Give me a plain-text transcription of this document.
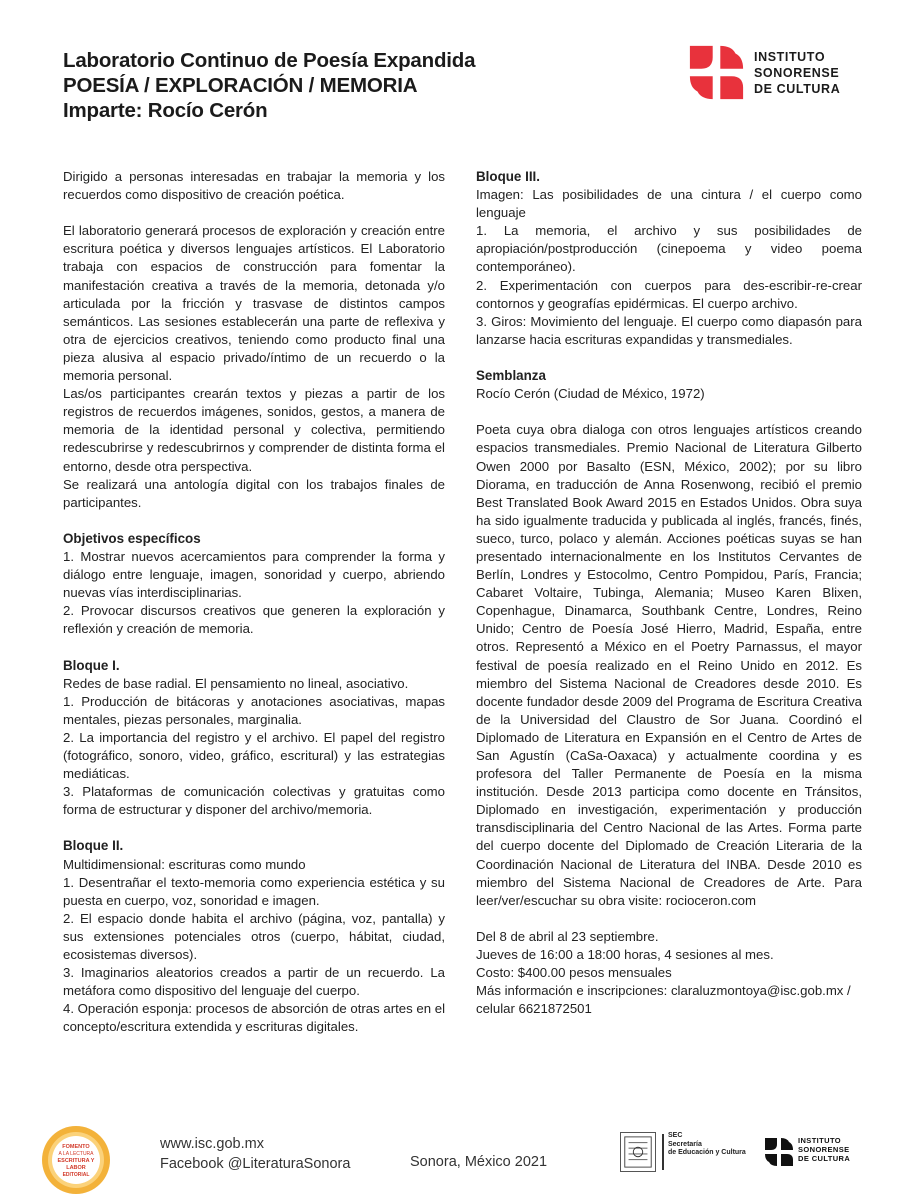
Laboratorio Continuo de Poesía Expandida
POESÍA / EXPLORACIÓN / MEMORIA
Imparte: Rocío Cerón
INSTITUTO
SONORENSE
DE CULTURA

Dirigido a personas interesadas en trabajar la memoria y los recuerdos como dispositivo de creación poética.

El laboratorio generará procesos de exploración y creación entre escritura poética y diversos lenguajes artísticos. El Laboratorio trabaja con espacios de construcción para fomentar la manifestación creativa a través de la memoria, detonada y/o articulada por la fricción y trasvase de distintos campos semánticos. Las sesiones establecerán una parte de reflexiva y otra de ejercicios creativos, teniendo como producto final una pieza alusiva al espacio privado/íntimo de un recuerdo o la memoria personal.
Las/os participantes crearán textos y piezas a partir de los registros de recuerdos imágenes, sonidos, gestos, a manera de memoria de la identidad personal y colectiva, permitiendo redescubrirse y redescubrirnos y comprender de distinta forma el entorno, desde otra perspectiva.

Se realizará una antología digital con los trabajos finales de participantes.

Objetivos específicos
1. Mostrar nuevos acercamientos para comprender la forma y diálogo entre lenguaje, imagen, sonoridad y cuerpo, abriendo nuevas vías interdisciplinarias.
2. Provocar discursos creativos que generen la exploración y reflexión y creación de memoria.
Bloque I.
Redes de base radial. El pensamiento no lineal, asociativo.
1. Producción de bitácoras y anotaciones asociativas, mapas mentales, piezas personales, marginalia.
2. La importancia del registro y el archivo. El papel del registro (fotográfico, sonoro, video, gráfico, escritural) y las estrategias mediáticas.
3. Plataformas de comunicación colectivas y gratuitas como forma de estructurar y disponer del archivo/memoria.
Bloque II.
Multidimensional: escrituras como mundo
1. Desentrañar el texto-memoria como experiencia estética y su puesta en cuerpo, voz, sonoridad e imagen.
2. El espacio donde habita el archivo (página, voz, pantalla) y sus extensiones potenciales otros (cuerpo, hábitat, ciudad, ecosistemas diversos).
3. Imaginarios aleatorios creados a partir de un recuerdo. La metáfora como dispositivo del lenguaje del cuerpo.
4. Operación esponja: procesos de absorción de otras artes en el concepto/escritura extendida y escrituras digitales.
Bloque III.
Imagen: Las posibilidades de una cintura / el cuerpo como lenguaje
1. La memoria, el archivo y sus posibilidades de apropiación/postproducción (cinepoema y video poema contemporáneo).
2. Experimentación con cuerpos para des-escribir-re-crear contornos y geografías epidérmicas. El cuerpo archivo.
3. Giros: Movimiento del lenguaje. El cuerpo como diapasón para lanzarse hacia escrituras expandidas y transmediales.
Semblanza
Rocío Cerón (Ciudad de México, 1972)

Poeta cuya obra dialoga con otros lenguajes artísticos creando espacios transmediales. Premio Nacional de Literatura Gilberto Owen 2000 por Basalto (ESN, México, 2002); por su libro Diorama, en traducción de Anna Rosenwong, recibió el premio Best Translated Book Award 2015 en Estados Unidos. Obra suya ha sido igualmente traducida y publicada al inglés, francés, finés, sueco, turco, polaco y alemán. Acciones poéticas suyas se han presentado internacionalmente en los Institutos Cervantes de Berlín, Londres y Estocolmo, Centro Pompidou, París, Francia; Cabaret Voltaire, Tubinga, Alemania; Museo Karen Blixen, Copenhague, Dinamarca, Southbank Centre, Londres, Reino Unido; Centro de Poesía José Hierro, Madrid, España, entre otros. Representó a México en el Poetry Parnassus, el mayor festival de poesía realizado en el Reino Unido en 2012. Es miembro del Sistema Nacional de Creadores desde 2010. Es docente fundador desde 2009 del Programa de Escritura Creativa de la Universidad del Claustro de Sor Juana. Coordinó el Diplomado de Literatura en Expansión en el Centro de Artes de San Agustín (CaSa-Oaxaca) y actualmente coordina y es profesora del Taller Permanente de Poesía en la misma institución. Desde 2013 participa como docente en Tránsitos, Diplomado en investigación, experimentación y producción transdisciplinaria del Centro Nacional de las Artes. Forma parte del cuerpo docente del Diplomado de Creación Literaria de la Coordinación Nacional de Literatura del INBA. Desde 2010 es miembro del Sistema Nacional de Creadores de Arte. Para leer/ver/escuchar su obra visite: rocioceron.com

Del 8 de abril al 23 septiembre.
Jueves de 16:00 a 18:00 horas, 4 sesiones al mes.
Costo: $400.00 pesos mensuales
Más información e inscripciones: claraluzmontoya@isc.gob.mx / celular 6621872501
FOMENTO
A LA LECTURA
ESCRITURA Y
LABOR
EDITORIAL
www.isc.gob.mx
Facebook @LiteraturaSonora	Sonora, México 2021
SEC
Secretaría
de Educación y Cultura
INSTITUTO
SONORENSE
DE CULTURA
